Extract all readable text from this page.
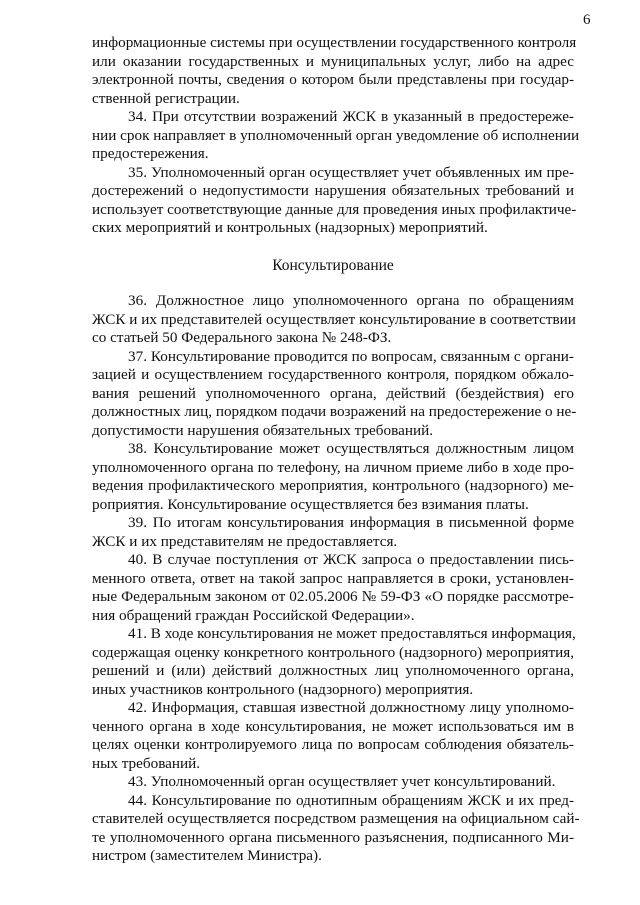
6
информационные системы при осуществлении государственного контроля
или оказании государственных и муниципальных услуг, либо на адрес
электронной почты, сведения о котором были представлены при государ-
ственной регистрации.
34. При отсутствии возражений ЖСК в указанный в предостереже-
нии срок направляет в уполномоченный орган уведомление об исполнении
предостережения.
35. Уполномоченный орган осуществляет учет объявленных им пре-
достережений о недопустимости нарушения обязательных требований и
использует соответствующие данные для проведения иных профилактиче-
ских мероприятий и контрольных (надзорных) мероприятий.
Консультирование
36. Должностное лицо уполномоченного органа по обращениям
ЖСК и их представителей осуществляет консультирование в соответствии
со статьей 50 Федерального закона № 248-ФЗ.
37. Консультирование проводится по вопросам, связанным с органи-
зацией и осуществлением государственного контроля, порядком обжало-
вания решений уполномоченного органа, действий (бездействия) его
должностных лиц, порядком подачи возражений на предостережение о не-
допустимости нарушения обязательных требований.
38. Консультирование может осуществляться должностным лицом
уполномоченного органа по телефону, на личном приеме либо в ходе про-
ведения профилактического мероприятия, контрольного (надзорного) ме-
роприятия. Консультирование осуществляется без взимания платы.
39. По итогам консультирования информация в письменной форме
ЖСК и их представителям не предоставляется.
40. В случае поступления от ЖСК запроса о предоставлении пись-
менного ответа, ответ на такой запрос направляется в сроки, установлен-
ные Федеральным законом от 02.05.2006 № 59-ФЗ «О порядке рассмотре-
ния обращений граждан Российской Федерации».
41. В ходе консультирования не может предоставляться информация,
содержащая оценку конкретного контрольного (надзорного) мероприятия,
решений и (или) действий должностных лиц уполномоченного органа,
иных участников контрольного (надзорного) мероприятия.
42. Информация, ставшая известной должностному лицу уполномо-
ченного органа в ходе консультирования, не может использоваться им в
целях оценки контролируемого лица по вопросам соблюдения обязатель-
ных требований.
43. Уполномоченный орган осуществляет учет консультирований.
44. Консультирование по однотипным обращениям ЖСК и их пред-
ставителей осуществляется посредством размещения на официальном сай-
те уполномоченного органа письменного разъяснения, подписанного Ми-
нистром (заместителем Министра).
